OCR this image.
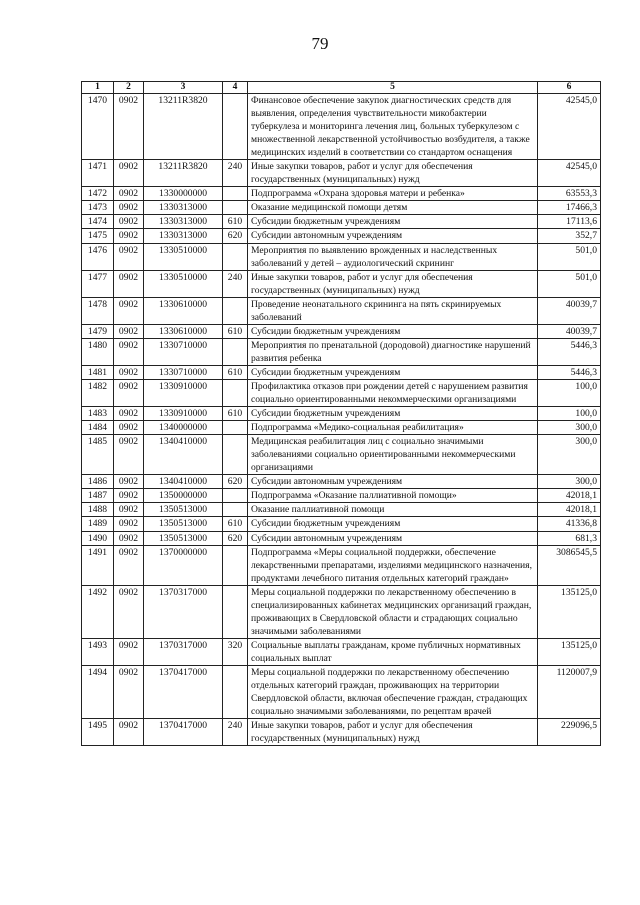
79
1	2	3	4	5	6
1470	0902	13211R3820		Финансовое обеспечение закупок диагностических средств для выявления, определения чувствительности микобактерии туберкулеза и мониторинга лечения лиц, больных туберкулезом с множественной лекарственной устойчивостью возбудителя, а также медицинских изделий в соответствии со стандартом оснащения	42545,0
1471	0902	13211R3820	240	Иные закупки товаров, работ и услуг для обеспечения государственных (муниципальных) нужд	42545,0
1472	0902	1330000000		Подпрограмма «Охрана здоровья матери и ребенка»	63553,3
1473	0902	1330313000		Оказание медицинской помощи детям	17466,3
1474	0902	1330313000	610	Субсидии бюджетным учреждениям	17113,6
1475	0902	1330313000	620	Субсидии автономным учреждениям	352,7
1476	0902	1330510000		Мероприятия по выявлению врожденных и наследственных заболеваний у детей – аудиологический скрининг	501,0
1477	0902	1330510000	240	Иные закупки товаров, работ и услуг для обеспечения государственных (муниципальных) нужд	501,0
1478	0902	1330610000		Проведение неонатального скрининга на пять скринируемых заболеваний	40039,7
1479	0902	1330610000	610	Субсидии бюджетным учреждениям	40039,7
1480	0902	1330710000		Мероприятия по пренатальной (дородовой) диагностике нарушений развития ребенка	5446,3
1481	0902	1330710000	610	Субсидии бюджетным учреждениям	5446,3
1482	0902	1330910000		Профилактика отказов при рождении детей с нарушением развития социально ориентированными некоммерческими организациями	100,0
1483	0902	1330910000	610	Субсидии бюджетным учреждениям	100,0
1484	0902	1340000000		Подпрограмма «Медико-социальная реабилитация»	300,0
1485	0902	1340410000		Медицинская реабилитация лиц с социально значимыми заболеваниями социально ориентированными некоммерческими организациями	300,0
1486	0902	1340410000	620	Субсидии автономным учреждениям	300,0
1487	0902	1350000000		Подпрограмма «Оказание паллиативной помощи»	42018,1
1488	0902	1350513000		Оказание паллиативной помощи	42018,1
1489	0902	1350513000	610	Субсидии бюджетным учреждениям	41336,8
1490	0902	1350513000	620	Субсидии автономным учреждениям	681,3
1491	0902	1370000000		Подпрограмма «Меры социальной поддержки, обеспечение лекарственными препаратами, изделиями медицинского назначения, продуктами лечебного питания отдельных категорий граждан»	3086545,5
1492	0902	1370317000		Меры социальной поддержки по лекарственному обеспечению в специализированных кабинетах медицинских организаций граждан, проживающих в Свердловской области и страдающих социально значимыми заболеваниями	135125,0
1493	0902	1370317000	320	Социальные выплаты гражданам, кроме публичных нормативных социальных выплат	135125,0
1494	0902	1370417000		Меры социальной поддержки по лекарственному обеспечению отдельных категорий граждан, проживающих на территории Свердловской области, включая обеспечение граждан, страдающих социально значимыми заболеваниями, по рецептам врачей	1120007,9
1495	0902	1370417000	240	Иные закупки товаров, работ и услуг для обеспечения государственных (муниципальных) нужд	229096,5
